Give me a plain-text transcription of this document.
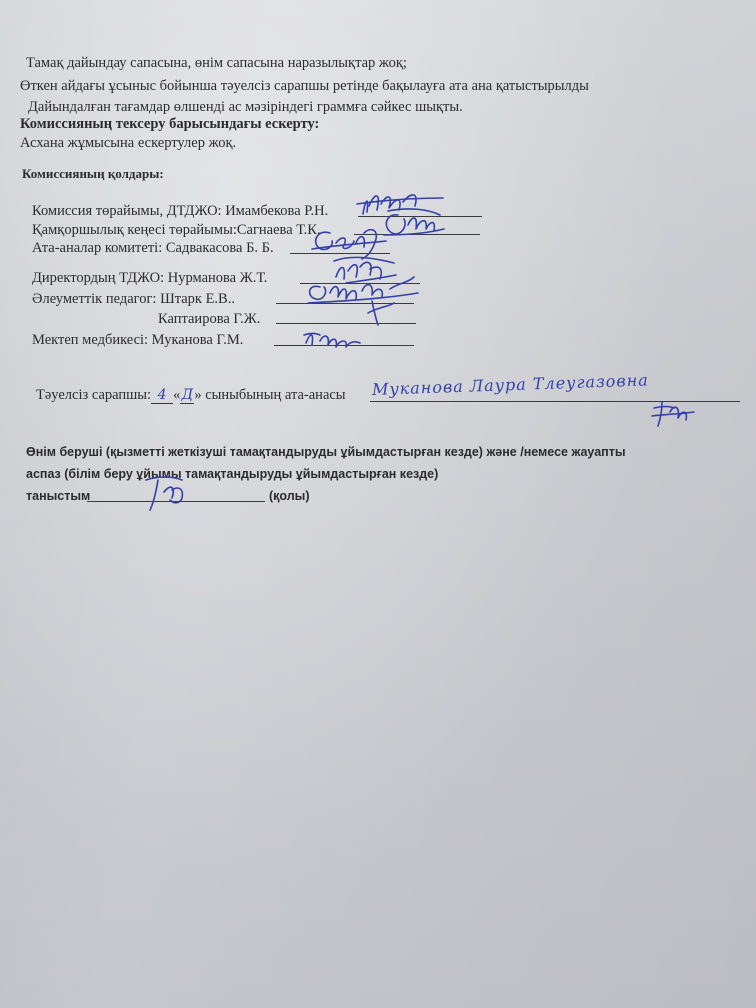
Тамақ дайындау сапасына, өнім сапасына наразылықтар жоқ;
Өткен айдағы ұсыныс бойынша тәуелсіз сарапшы ретінде бақылауға ата ана қатыстырылды
Дайындалған тағамдар өлшенді ас мәзіріндегі граммға сәйкес шықты.
Комиссияның тексеру барысындағы ескерту:
Асхана жұмысына ескертулер жоқ.
Комиссияның қолдары:
Комиссия төрайымы, ДТДЖО: Имамбекова Р.Н.
Қамқоршылық кеңесі төрайымы:Сагнаева Т.К.
Ата-аналар комитеті: Садвакасова Б. Б.
Директордың ТДЖО: Нурманова Ж.Т.
Әлеуметтік педагог: Штарк Е.В..
Каптаирова Г.Ж.
Мектеп медбикесі: Муканова Г.М.
Тәуелсіз сарапшы: 4 «Д» сыныбының ата-анасы Муканова Лаура Тлеугазовна
Өнім беруші (қызметті жеткізуші тамақтандыруды ұйымдастырған кезде) және /немесе жауапты
аспаз (білім беру ұйымы тамақтандыруды ұйымдастырған кезде)
таныстым	(қолы)
